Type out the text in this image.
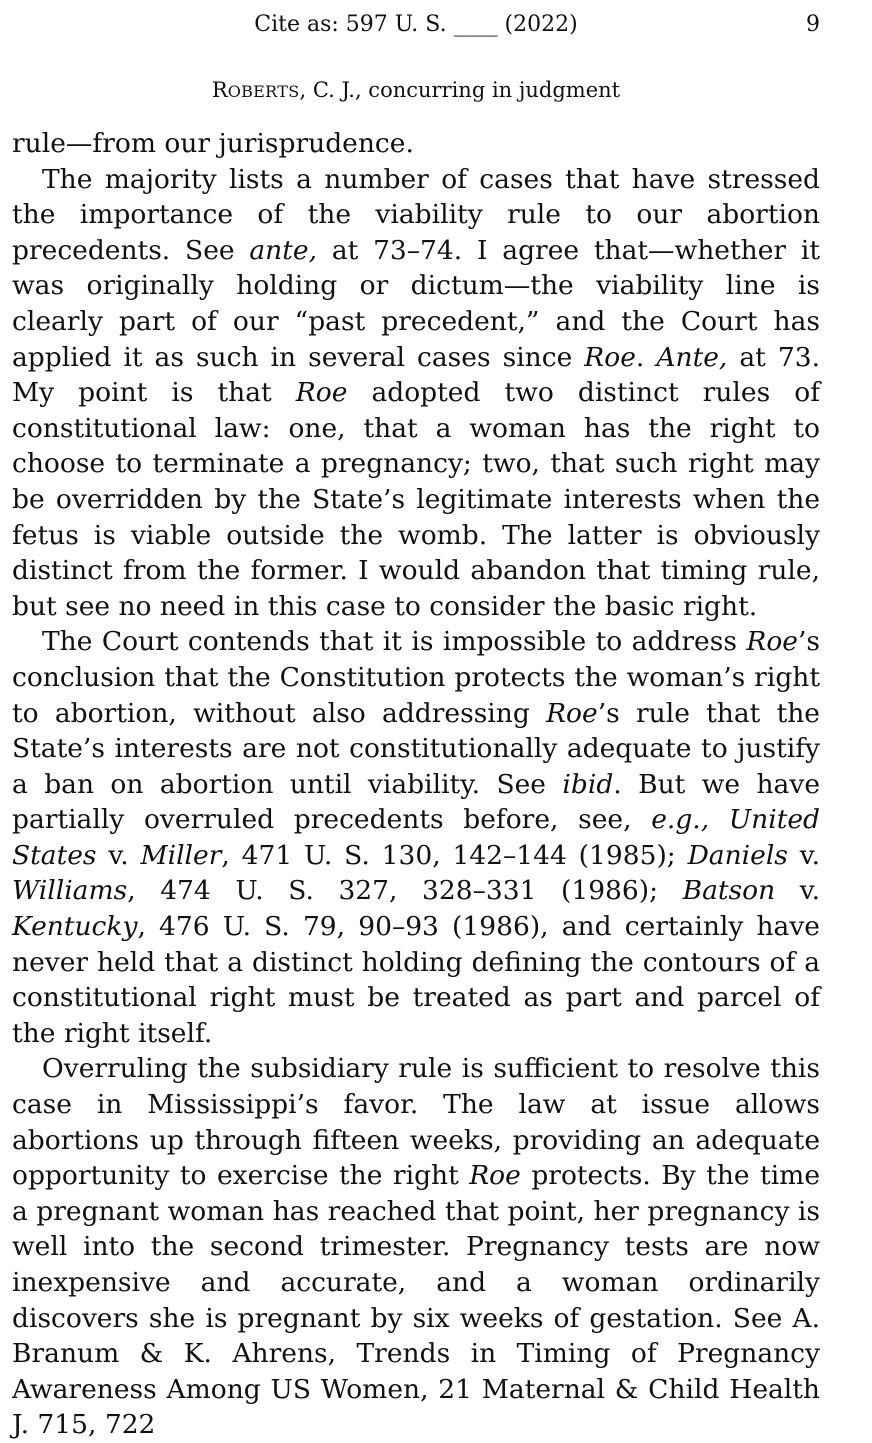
Cite as: 597 U. S. ____ (2022)	9
ROBERTS, C. J., concurring in judgment

rule—from our jurisprudence.

The majority lists a number of cases that have stressed the importance of the viability rule to our abortion precedents. See ante, at 73–74. I agree that—whether it was originally holding or dictum—the viability line is clearly part of our “past precedent,” and the Court has applied it as such in several cases since Roe. Ante, at 73. My point is that Roe adopted two distinct rules of constitutional law: one, that a woman has the right to choose to terminate a pregnancy; two, that such right may be overridden by the State’s legitimate interests when the fetus is viable outside the womb. The latter is obviously distinct from the former. I would abandon that timing rule, but see no need in this case to consider the basic right.

The Court contends that it is impossible to address Roe’s conclusion that the Constitution protects the woman’s right to abortion, without also addressing Roe’s rule that the State’s interests are not constitutionally adequate to justify a ban on abortion until viability. See ibid. But we have partially overruled precedents before, see, e.g., United States v. Miller, 471 U. S. 130, 142–144 (1985); Daniels v. Williams, 474 U. S. 327, 328–331 (1986); Batson v. Kentucky, 476 U. S. 79, 90–93 (1986), and certainly have never held that a distinct holding defining the contours of a constitutional right must be treated as part and parcel of the right itself.

Overruling the subsidiary rule is sufficient to resolve this case in Mississippi’s favor. The law at issue allows abortions up through fifteen weeks, providing an adequate opportunity to exercise the right Roe protects. By the time a pregnant woman has reached that point, her pregnancy is well into the second trimester. Pregnancy tests are now inexpensive and accurate, and a woman ordinarily discovers she is pregnant by six weeks of gestation. See A. Branum & K. Ahrens, Trends in Timing of Pregnancy Awareness Among US Women, 21 Maternal & Child Health J. 715, 722
